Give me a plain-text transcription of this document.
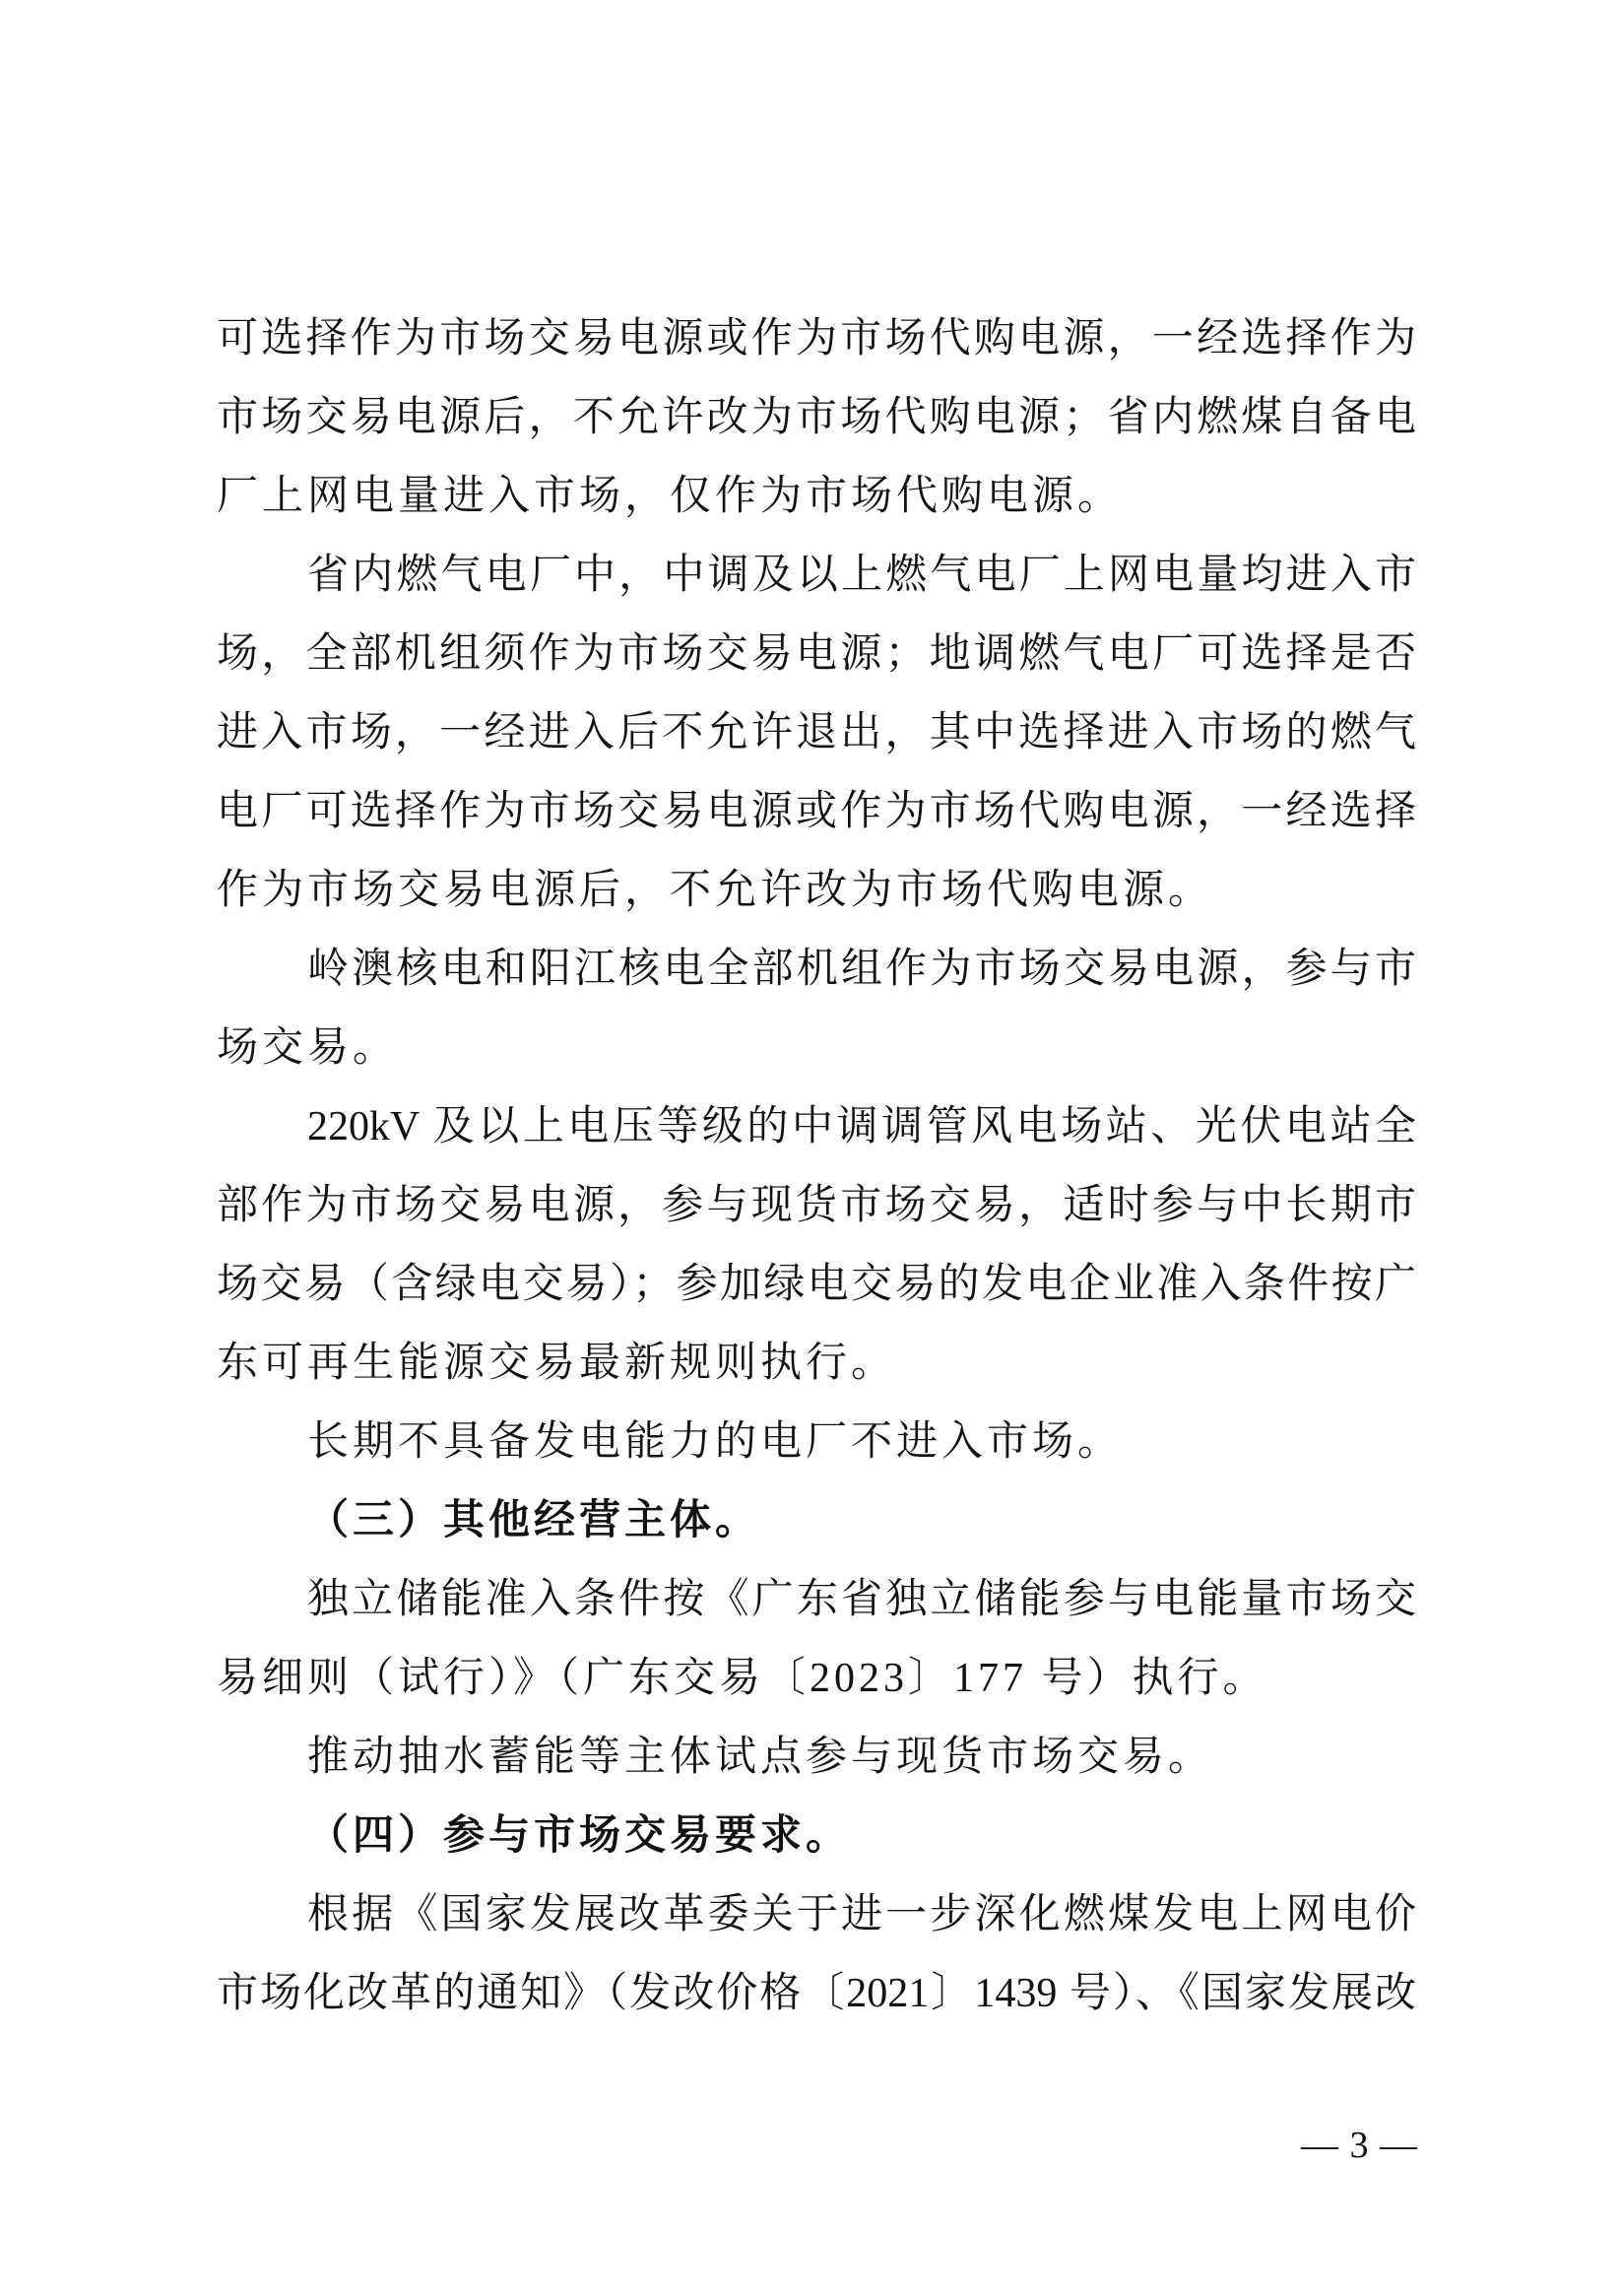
可选择作为市场交易电源或作为市场代购电源，一经选择作为
市场交易电源后，不允许改为市场代购电源；省内燃煤自备电
厂上网电量进入市场，仅作为市场代购电源。
省内燃气电厂中，中调及以上燃气电厂上网电量均进入市
场，全部机组须作为市场交易电源；地调燃气电厂可选择是否
进入市场，一经进入后不允许退出，其中选择进入市场的燃气
电厂可选择作为市场交易电源或作为市场代购电源，一经选择
作为市场交易电源后，不允许改为市场代购电源。
岭澳核电和阳江核电全部机组作为市场交易电源，参与市
场交易。
220kV 及以上电压等级的中调调管风电场站、光伏电站全
部作为市场交易电源，参与现货市场交易，适时参与中长期市
场交易（含绿电交易）；参加绿电交易的发电企业准入条件按广
东可再生能源交易最新规则执行。
长期不具备发电能力的电厂不进入市场。
（三）其他经营主体。
独立储能准入条件按《广东省独立储能参与电能量市场交
易细则（试行）》（广东交易〔2023〕177 号）执行。
推动抽水蓄能等主体试点参与现货市场交易。
（四）参与市场交易要求。
根据《国家发展改革委关于进一步深化燃煤发电上网电价
市场化改革的通知》（发改价格〔2021〕1439 号）、《国家发展改
— 3 —
